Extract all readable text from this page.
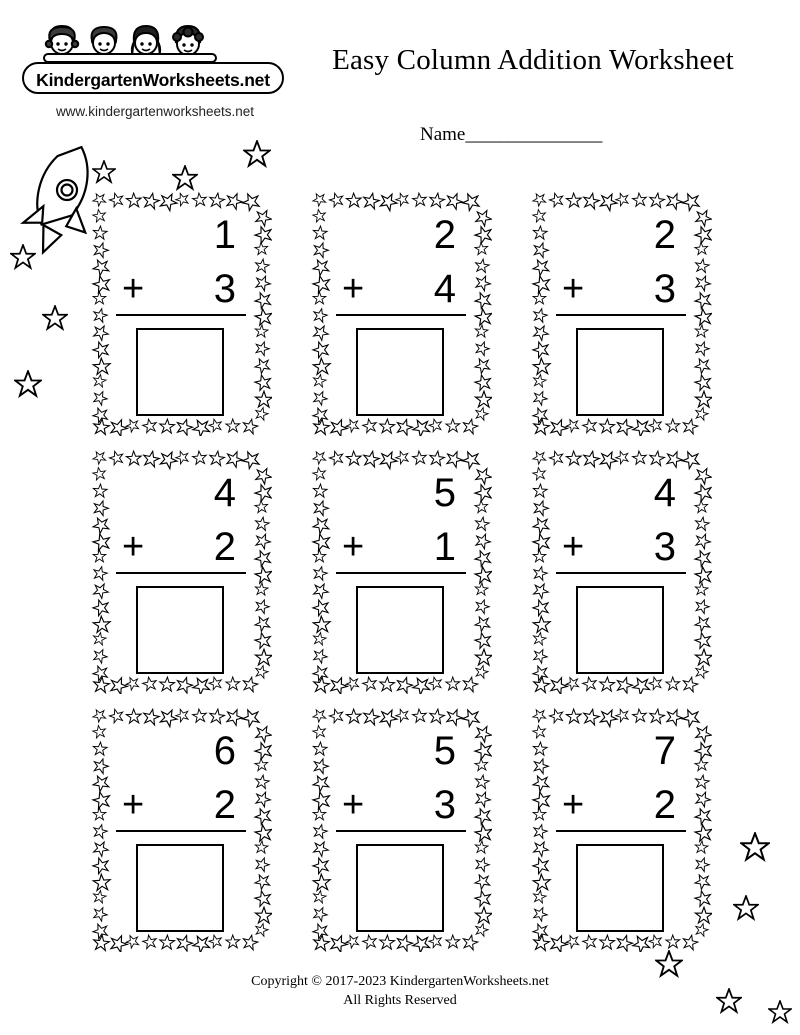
KindergartenWorksheets.net
www.kindergartenworksheets.net
Easy Column Addition Worksheet
Name________________
1
+ 3
2
+ 4
2
+ 3
4
+ 2
5
+ 1
4
+ 3
6
+ 2
5
+ 3
7
+ 2
Copyright © 2017-2023 KindergartenWorksheets.net
All Rights Reserved
